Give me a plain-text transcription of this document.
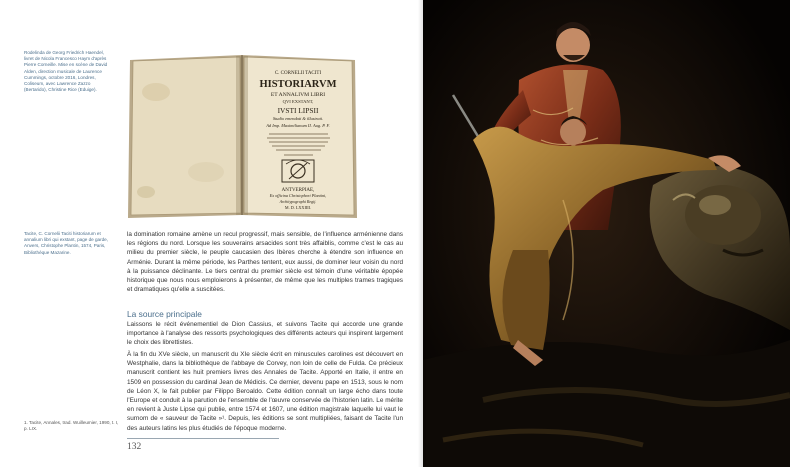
Rodelinda de Georg Friedrich Haendel, livret de Nicola Francesco Haym d'après Pierre Corneille. Mise en scène de David Alden, direction musicale de Laurence Cummings, octobre 2016, Londres, Coliseum, avec Lawrence Zazzo (Bertarido), Christine Rice (Eduige).
C. CORNELII TACITI
HISTORIARVM
ET ANNALIVM LIBRI
QVI EXSTANT,
IVSTI LIPSII
Studio emendati & illustrati.
Ad Imp. Maximilianum II. Aug. P. F.
ANTVERPIAE,
Ex officina Christophori Plantini,
Architypographi Regij.
M. D. LXXIIII.
Tacite, C. Cornelii Taciti historiarum et annalium libri qui exstant, page de garde, Anvers, Christophe Plantin, 1574, Paris, Bibliothèque Mazarine.
la domination romaine amène un recul progressif, mais sensible, de l'influence arménienne dans les régions du nord. Lorsque les souverains arsacides sont très affaiblis, comme c'est le cas au milieu du premier siècle, le peuple caucasien des Ibères cherche à étendre son influence en Arménie. Durant la même période, les Parthes tentent, eux aussi, de dominer leur voisin du nord à la puissance déclinante. Le tiers central du premier siècle est témoin d'une véritable épopée historique que nous nous emploierons à présenter, de même que les multiples trames tragiques et dramatiques qu'elle a suscitées.
La source principale
Laissons le récit événementiel de Dion Cassius, et suivons Tacite qui accorde une grande importance à l'analyse des ressorts psychologiques des différents acteurs qui inspirent largement le choix des librettistes.

À la fin du XVe siècle, un manuscrit du XIe siècle écrit en minuscules carolines est découvert en Westphalie, dans la bibliothèque de l'abbaye de Corvey, non loin de celle de Fulda. Ce précieux manuscrit contient les huit premiers livres des Annales de Tacite. Apporté en Italie, il entre en 1509 en possession du cardinal Jean de Médicis. Ce dernier, devenu pape en 1513, sous le nom de Léon X, le fait publier par Filippo Beroaldo. Cette édition connaît un large écho dans toute l'Europe et conduit à la parution de l'ensemble de l'œuvre conservée de l'historien latin. Le mérite en revient à Juste Lipse qui publie, entre 1574 et 1607, une édition magistrale laquelle lui vaut le surnom de « sauveur de Tacite »¹. Depuis, les éditions se sont multipliées, faisant de Tacite l'un des auteurs latins les plus étudiés de l'époque moderne.

1. Tacite, Annales, trad. Wuilleumier, 1990, t. I, p. LIX.
132
